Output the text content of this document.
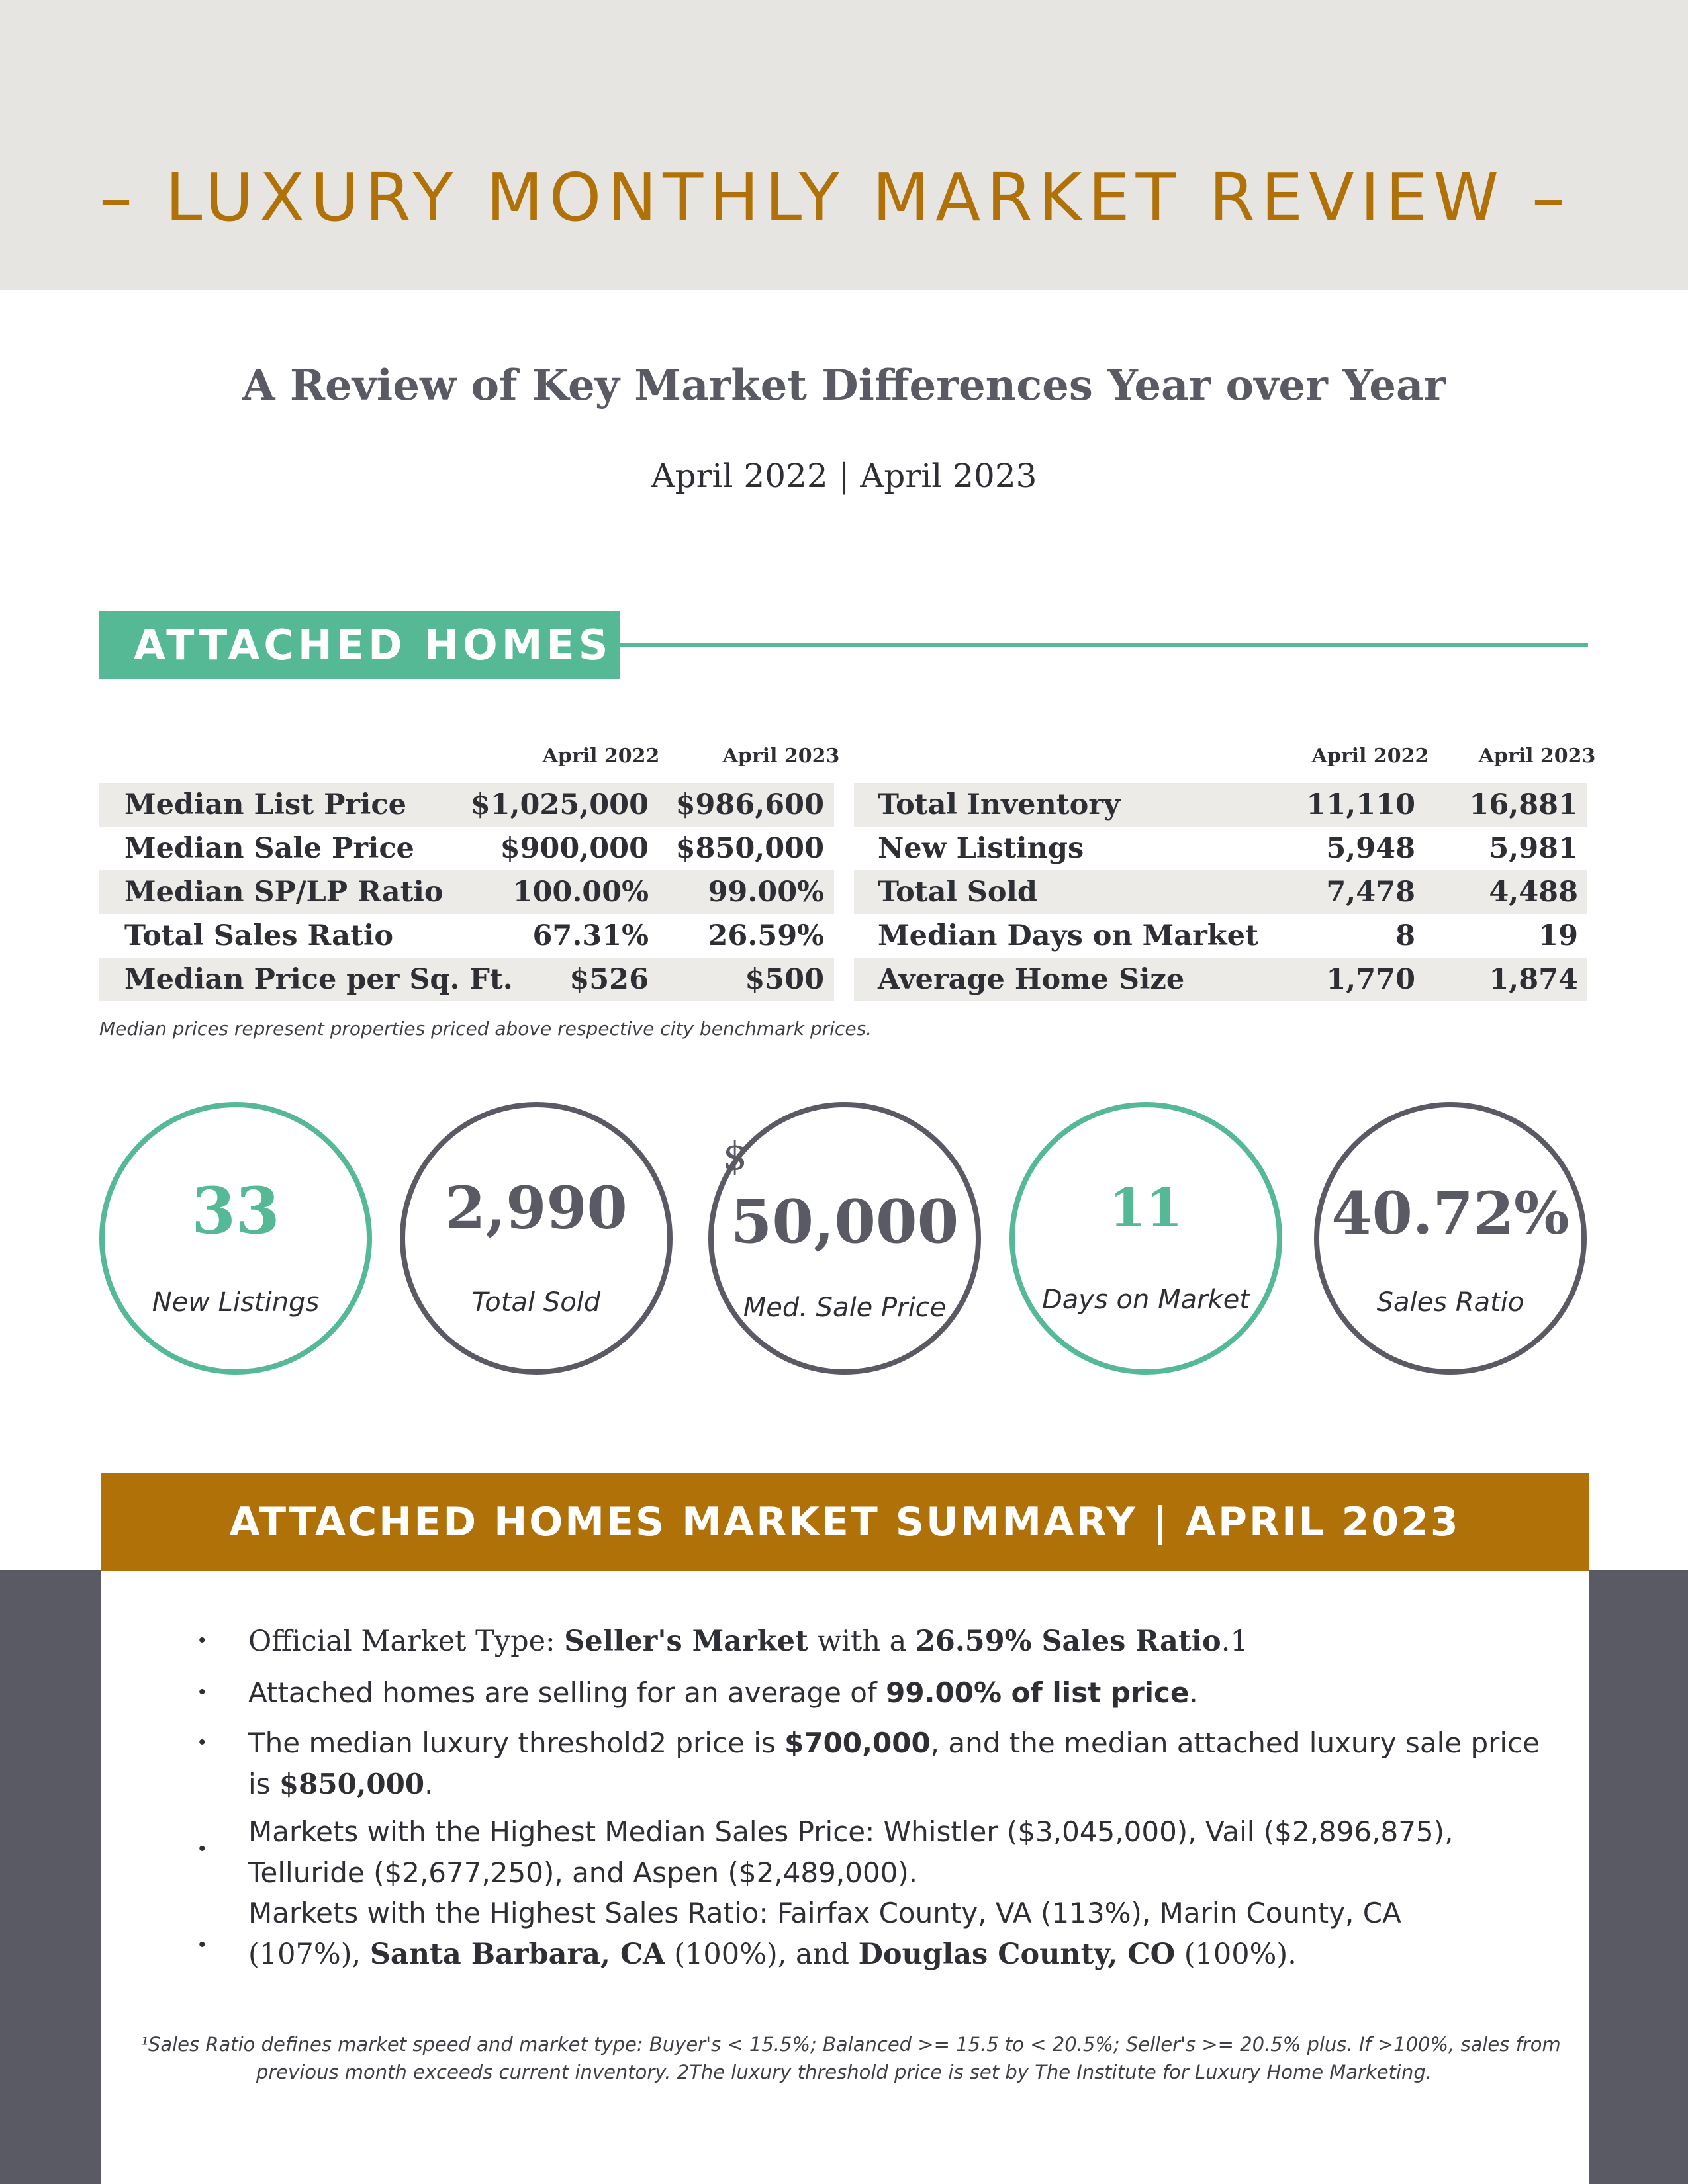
– LUXURY MONTHLY MARKET REVIEW –
A Review of Key Market Differences Year over Year
April 2022 | April 2023
ATTACHED HOMES
April 2022	April 2023	April 2022	April 2023
Median List Price $1,025,000 $986,600
Median Sale Price	$900,000 $850,000
Median SP/LP Ratio 100.00% 99.00%
Total Sales Ratio	67.31% 26.59%
Median Price per Sq. Ft. $526	$500
Total Inventory	11,110 16,881
New Listings	5,948	5,981
Total Sold	7,478	4,488
Median Days on Market	8	19
Average Home Size	1,770	1,874
Median prices represent properties priced above respective city benchmark prices.
33
New Listings
2,990
Total Sold
$
50,000
Med. Sale Price
11
Days on Market
40.72%
Sales Ratio
ATTACHED HOMES MARKET SUMMARY | APRIL 2023
• Official Market Type: Seller's Market with a 26.59% Sales Ratio.1
• Attached homes are selling for an average of 99.00% of list price.
• The median luxury threshold2 price is $700,000, and the median attached luxury sale price
is $850,000.
•
Markets with the Highest Median Sales Price: Whistler ($3,045,000), Vail ($2,896,875),
Telluride ($2,677,250), and Aspen ($2,489,000).
•
Markets with the Highest Sales Ratio: Fairfax County, VA (113%), Marin County, CA
(107%), Santa Barbara, CA (100%), and Douglas County, CO (100%).
¹Sales Ratio defines market speed and market type: Buyer's < 15.5%; Balanced >= 15.5 to < 20.5%; Seller's >= 20.5% plus. If >100%, sales from
previous month exceeds current inventory. 2The luxury threshold price is set by The Institute for Luxury Home Marketing.
